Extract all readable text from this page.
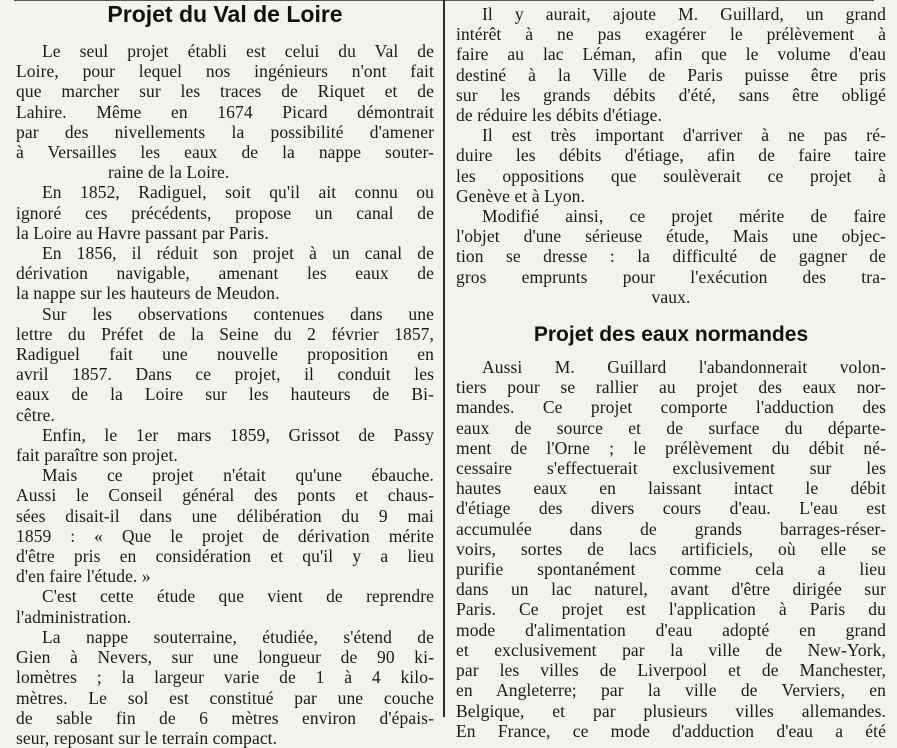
Projet du Val de Loire
Le seul projet établi est celui du Val de
Loire, pour lequel nos ingénieurs n'ont fait
que marcher sur les traces de Riquet et de
Lahire. Même en 1674 Picard démontrait
par des nivellements la possibilité d'amener
à Versailles les eaux de la nappe souter-
raine de la Loire.
En 1852, Radiguel, soit qu'il ait connu ou
ignoré ces précédents, propose un canal de
la Loire au Havre passant par Paris.
En 1856, il réduit son projet à un canal de
dérivation navigable, amenant les eaux de
la nappe sur les hauteurs de Meudon.
Sur les observations contenues dans une
lettre du Préfet de la Seine du 2 février 1857,
Radiguel fait une nouvelle proposition en
avril 1857. Dans ce projet, il conduit les
eaux de la Loire sur les hauteurs de Bi-
cêtre.
Enfin, le 1er mars 1859, Grissot de Passy
fait paraître son projet.
Mais ce projet n'était qu'une ébauche.
Aussi le Conseil général des ponts et chaus-
sées disait-il dans une délibération du 9 mai
1859 : « Que le projet de dérivation mérite
d'être pris en considération et qu'il y a lieu
d'en faire l'étude. »
C'est cette étude que vient de reprendre
l'administration.
La nappe souterraine, étudiée, s'étend de
Gien à Nevers, sur une longueur de 90 ki-
lomètres ; la largeur varie de 1 à 4 kilo-
mètres. Le sol est constitué par une couche
de sable fin de 6 mètres environ d'épais-
seur, reposant sur le terrain compact.
Il y aurait, ajoute M. Guillard, un grand
intérêt à ne pas exagérer le prélèvement à
faire au lac Léman, afin que le volume d'eau
destiné à la Ville de Paris puisse être pris
sur les grands débits d'été, sans être obligé
de réduire les débits d'étiage.
Il est très important d'arriver à ne pas ré-
duire les débits d'étiage, afin de faire taire
les oppositions que soulèverait ce projet à
Genève et à Lyon.
Modifié ainsi, ce projet mérite de faire
l'objet d'une sérieuse étude, Mais une objec-
tion se dresse : la difficulté de gagner de
gros emprunts pour l'exécution des tra-
vaux.
Projet des eaux normandes
Aussi M. Guillard l'abandonnerait volon-
tiers pour se rallier au projet des eaux nor-
mandes. Ce projet comporte l'adduction des
eaux de source et de surface du départe-
ment de l'Orne ; le prélèvement du débit né-
cessaire s'effectuerait exclusivement sur les
hautes eaux en laissant intact le débit
d'étiage des divers cours d'eau. L'eau est
accumulée dans de grands barrages-réser-
voirs, sortes de lacs artificiels, où elle se
purifie spontanément comme cela a lieu
dans un lac naturel, avant d'être dirigée sur
Paris. Ce projet est l'application à Paris du
mode d'alimentation d'eau adopté en grand
et exclusivement par la ville de New-York,
par les villes de Liverpool et de Manchester,
en Angleterre; par la ville de Verviers, en
Belgique, et par plusieurs villes allemandes.
En France, ce mode d'adduction d'eau a été
